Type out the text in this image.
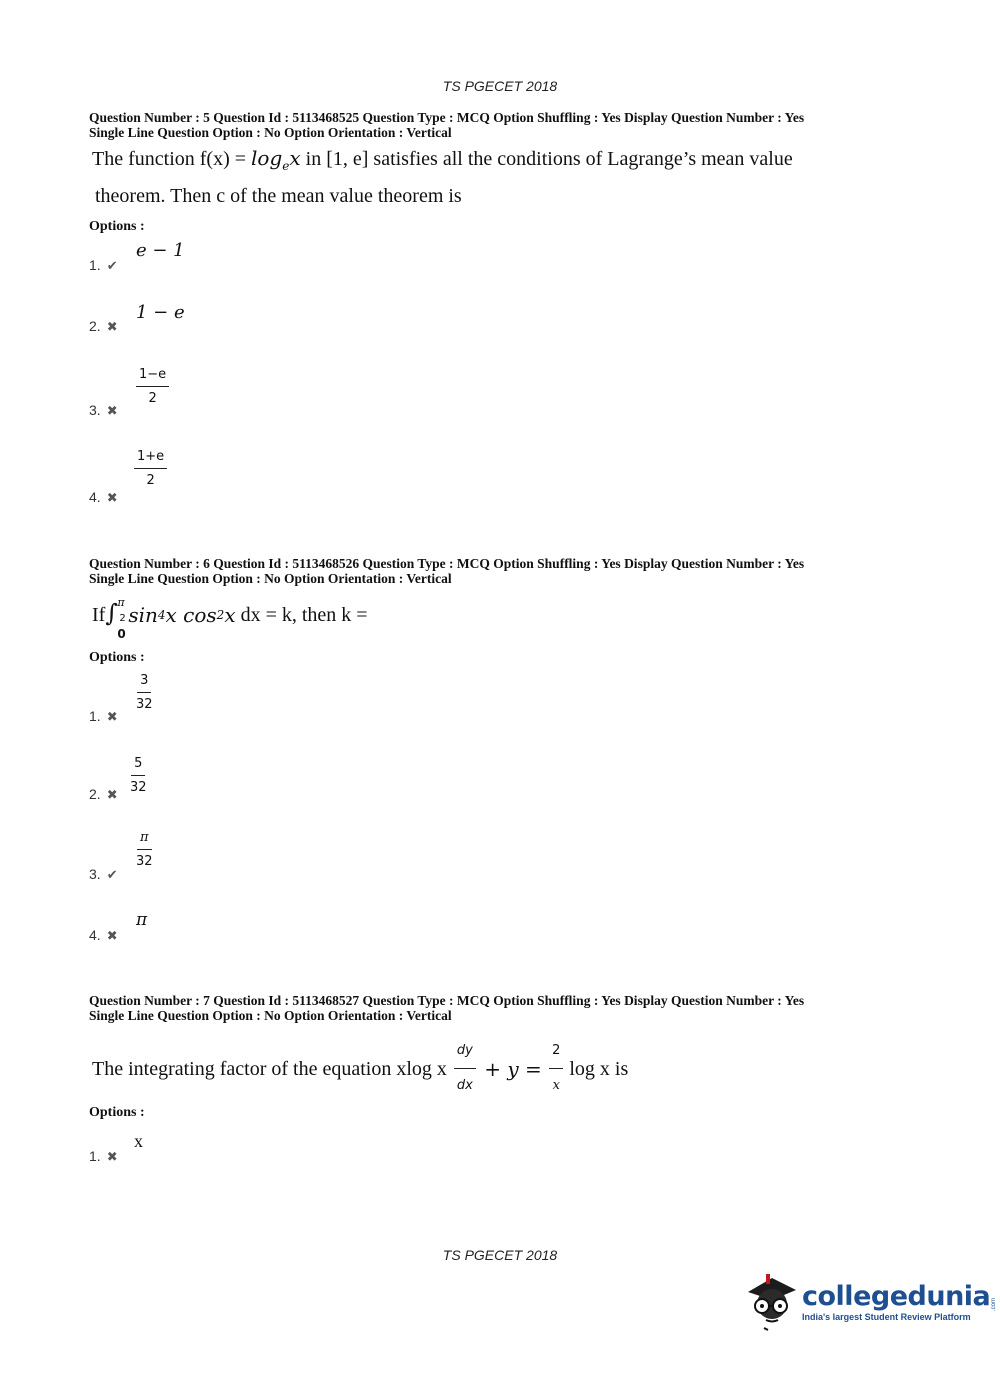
TS PGECET 2018
Question Number : 5 Question Id : 5113468525 Question Type : MCQ Option Shuffling : Yes Display Question Number : Yes
Single Line Question Option : No Option Orientation : Vertical
The function $f(x) = \log_ex$ in [1, e] satisfies all the conditions of Lagrange’s mean value
theorem. Then c of the mean value theorem is
Options :
1. ✔
e − 1
2. ✖
1 − e
3. ✖
$\frac{1-e}{2}$
4. ✖
$\frac{1+e}{2}$
Question Number : 6 Question Id : 5113468526 Question Type : MCQ Option Shuffling : Yes Display Question Number : Yes
Single Line Question Option : No Option Orientation : Vertical
If ∫ π
2
0
sin 4 x cos 2 x dx = k, then k =
Options :
1. ✖
$\frac{3}{32}$
2. ✖
$\frac{5}{32}$
3. ✔
$\frac{\pi}{32}$
4. ✖
π
Question Number : 7 Question Id : 5113468527 Question Type : MCQ Option Shuffling : Yes Display Question Number : Yes
Single Line Question Option : No Option Orientation : Vertical
The integrating factor of the equation xlog x $\frac{dy}{dx} + y = \frac{2}{x}$ log x is
Options :
1. ✖
x
TS PGECET 2018
collegedunia .com
India's largest Student Review Platform
